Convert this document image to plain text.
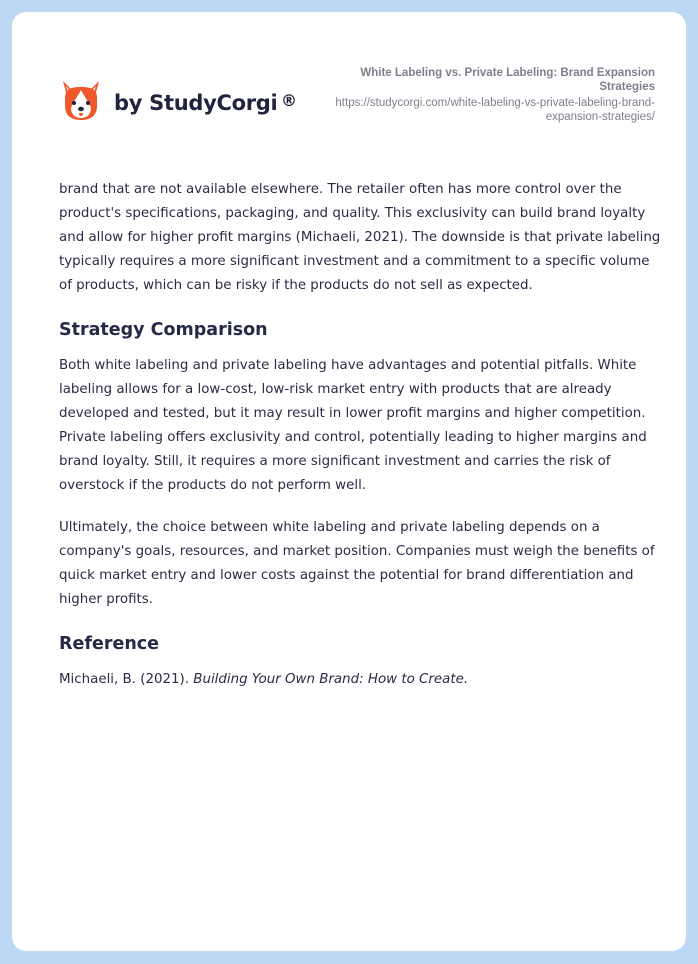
by StudyCorgi ®
White Labeling vs. Private Labeling: Brand Expansion Strategies
https://studycorgi.com/white-labeling-vs-private-labeling-brand-expansion-strategies/

brand that are not available elsewhere. The retailer often has more control over the product's specifications, packaging, and quality. This exclusivity can build brand loyalty and allow for higher profit margins (Michaeli, 2021). The downside is that private labeling typically requires a more significant investment and a commitment to a specific volume of products, which can be risky if the products do not sell as expected.

Strategy Comparison

Both white labeling and private labeling have advantages and potential pitfalls. White labeling allows for a low-cost, low-risk market entry with products that are already developed and tested, but it may result in lower profit margins and higher competition. Private labeling offers exclusivity and control, potentially leading to higher margins and brand loyalty. Still, it requires a more significant investment and carries the risk of overstock if the products do not perform well.

Ultimately, the choice between white labeling and private labeling depends on a company's goals, resources, and market position. Companies must weigh the benefits of quick market entry and lower costs against the potential for brand differentiation and higher profits.

Reference
Michaeli, B. (2021). Building Your Own Brand: How to Create.
